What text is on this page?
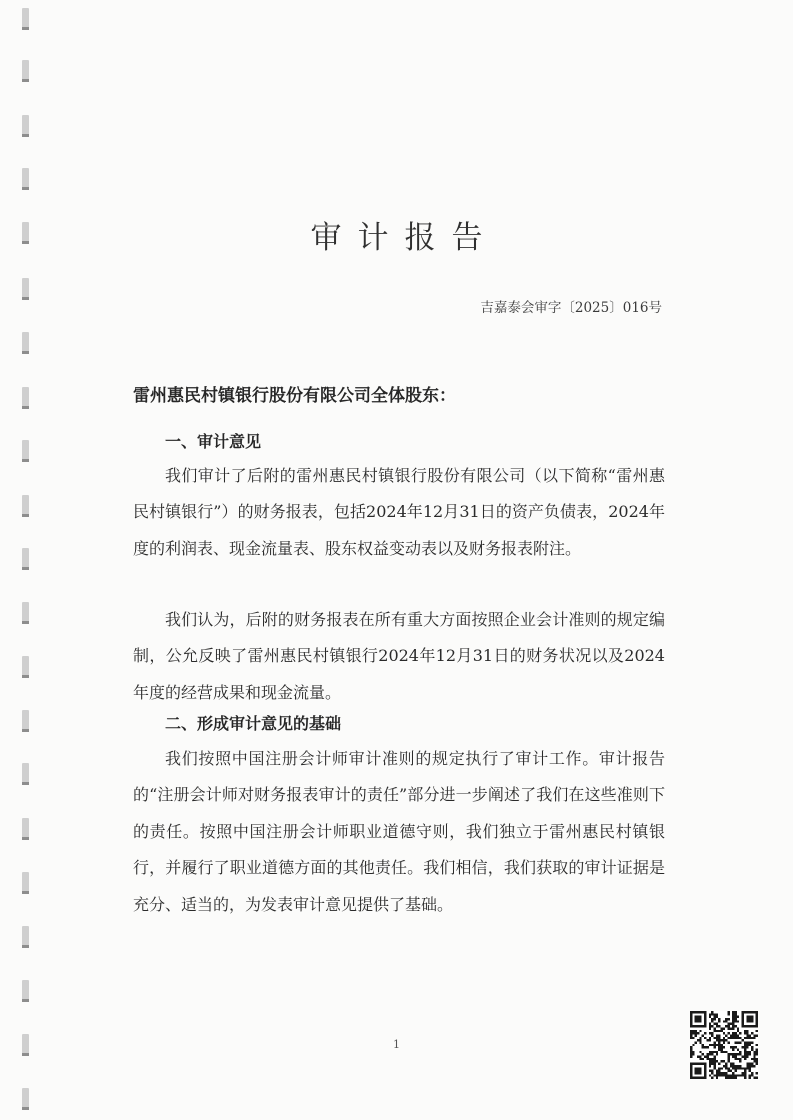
审计报告
吉嘉泰会审字〔2025〕016号
雷州惠民村镇银行股份有限公司全体股东：
一、审计意见
我们审计了后附的雷州惠民村镇银行股份有限公司（以下简称“雷州惠民村镇银行”）的财务报表，包括2024年12月31日的资产负债表，2024年度的利润表、现金流量表、股东权益变动表以及财务报表附注。
我们认为，后附的财务报表在所有重大方面按照企业会计准则的规定编制，公允反映了雷州惠民村镇银行2024年12月31日的财务状况以及2024年度的经营成果和现金流量。
二、形成审计意见的基础
我们按照中国注册会计师审计准则的规定执行了审计工作。审计报告的“注册会计师对财务报表审计的责任”部分进一步阐述了我们在这些准则下的责任。按照中国注册会计师职业道德守则，我们独立于雷州惠民村镇银行，并履行了职业道德方面的其他责任。我们相信，我们获取的审计证据是充分、适当的，为发表审计意见提供了基础。
1
